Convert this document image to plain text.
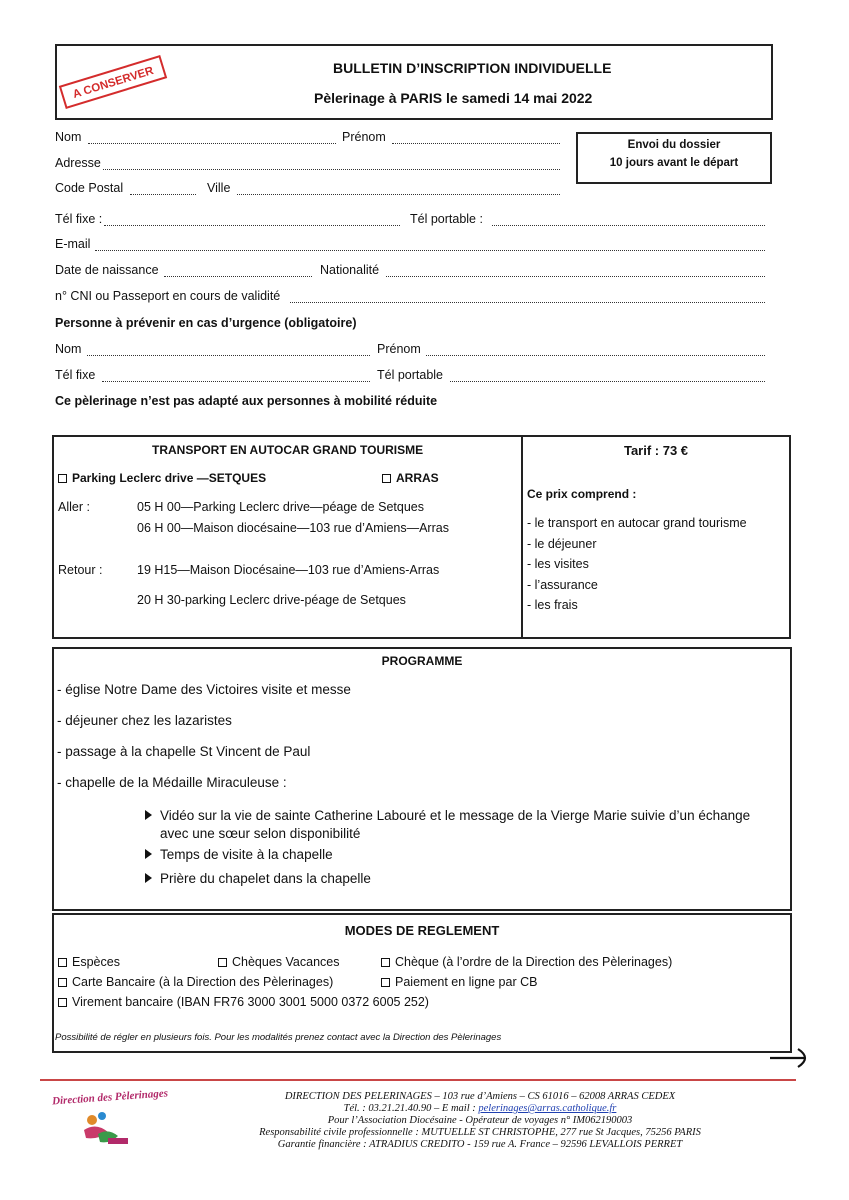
A CONSERVER	BULLETIN D’INSCRIPTION INDIVIDUELLE
Pèlerinage à PARIS le samedi 14 mai 2022
Envoi du dossier
10 jours avant le départ
Nom	Prénom
Adresse
Code Postal	Ville
Tél fixe :	Tél portable :
E-mail
Date de naissance	Nationalité
n° CNI ou Passeport en cours de validité
Personne à prévenir en cas d’urgence (obligatoire)
Nom	Prénom
Tél fixe	Tél portable
Ce pèlerinage n’est pas adapté aux personnes à mobilité réduite
TRANSPORT EN AUTOCAR GRAND TOURISME
Parking Leclerc drive —SETQUES	ARRAS
Aller :	05 H 00—Parking Leclerc drive—péage de Setques
06 H 00—Maison diocésaine—103 rue d’Amiens—Arras
Retour :	19 H15—Maison Diocésaine—103 rue d’Amiens-Arras
20 H 30-parking Leclerc drive-péage de Setques
Tarif : 73 €
Ce prix comprend :
- le transport en autocar grand tourisme
- le déjeuner
- les visites
- l’assurance
- les frais
PROGRAMME
- église Notre Dame des Victoires visite et messe
- déjeuner chez les lazaristes
- passage à la chapelle St Vincent de Paul
- chapelle de la Médaille Miraculeuse :
Vidéo sur la vie de sainte Catherine Labouré et le message de la Vierge Marie suivie d’un échange
avec une sœur selon disponibilité
Temps de visite à la chapelle
Prière du chapelet dans la chapelle
MODES DE REGLEMENT
Espèces	Chèques Vacances	Chèque (à l’ordre de la Direction des Pèlerinages)
Carte Bancaire (à la Direction des Pèlerinages)	Paiement en ligne par CB
Virement bancaire (IBAN FR76 3000 3001 5000 0372 6005 252)
Possibilité de régler en plusieurs fois. Pour les modalités prenez contact avec la Direction des Pèlerinages
Direction des Pèlerinages	DIRECTION DES PELERINAGES – 103 rue d’Amiens – CS 61016 – 62008 ARRAS CEDEX
Tél. : 03.21.21.40.90 – E mail : pelerinages@arras.catholique.fr
Pour l’Association Diocésaine - Opérateur de voyages n° IM062190003
Responsabilité civile professionnelle : MUTUELLE ST CHRISTOPHE, 277 rue St Jacques, 75256 PARIS
Garantie financière : ATRADIUS CREDITO - 159 rue A. France – 92596 LEVALLOIS PERRET
